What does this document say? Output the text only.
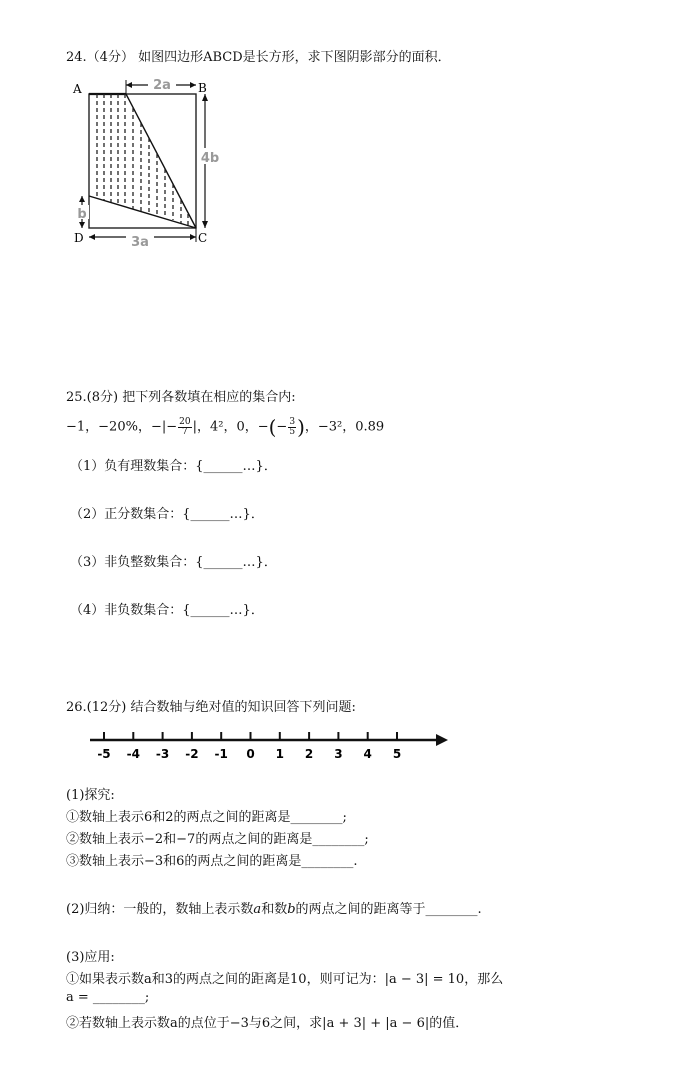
24.（4分） 如图四边形ABCD是长方形，求下图阴影部分的面积．
2a
4b
b
3a
A	B
C
D
25.(8分) 把下列各数填在相应的集合内:
−1，−20%，−|− $\frac{20}{7}$ |，4²，0，−(− $\frac{3}{5}$ )，−3²，0.89
（1）负有理数集合：{______…}．
（2）正分数集合：{______…}．
（3）非负整数集合：{______…}．
（4）非负数集合：{______…}．
26.(12分) 结合数轴与绝对值的知识回答下列问题:
-5 -4 -3 -2 -1 0 1 2 3 4 5
(1)探究:
①数轴上表示6和2的两点之间的距离是________;
②数轴上表示−2和−7的两点之间的距离是________;
③数轴上表示−3和6的两点之间的距离是________.
(2)归纳：一般的，数轴上表示数a和数b的两点之间的距离等于________.
(3)应用:
①如果表示数a和3的两点之间的距离是10，则可记为：|a − 3| = 10，那么
a = ________;
②若数轴上表示数a的点位于−3与6之间，求|a + 3| + |a − 6|的值．
